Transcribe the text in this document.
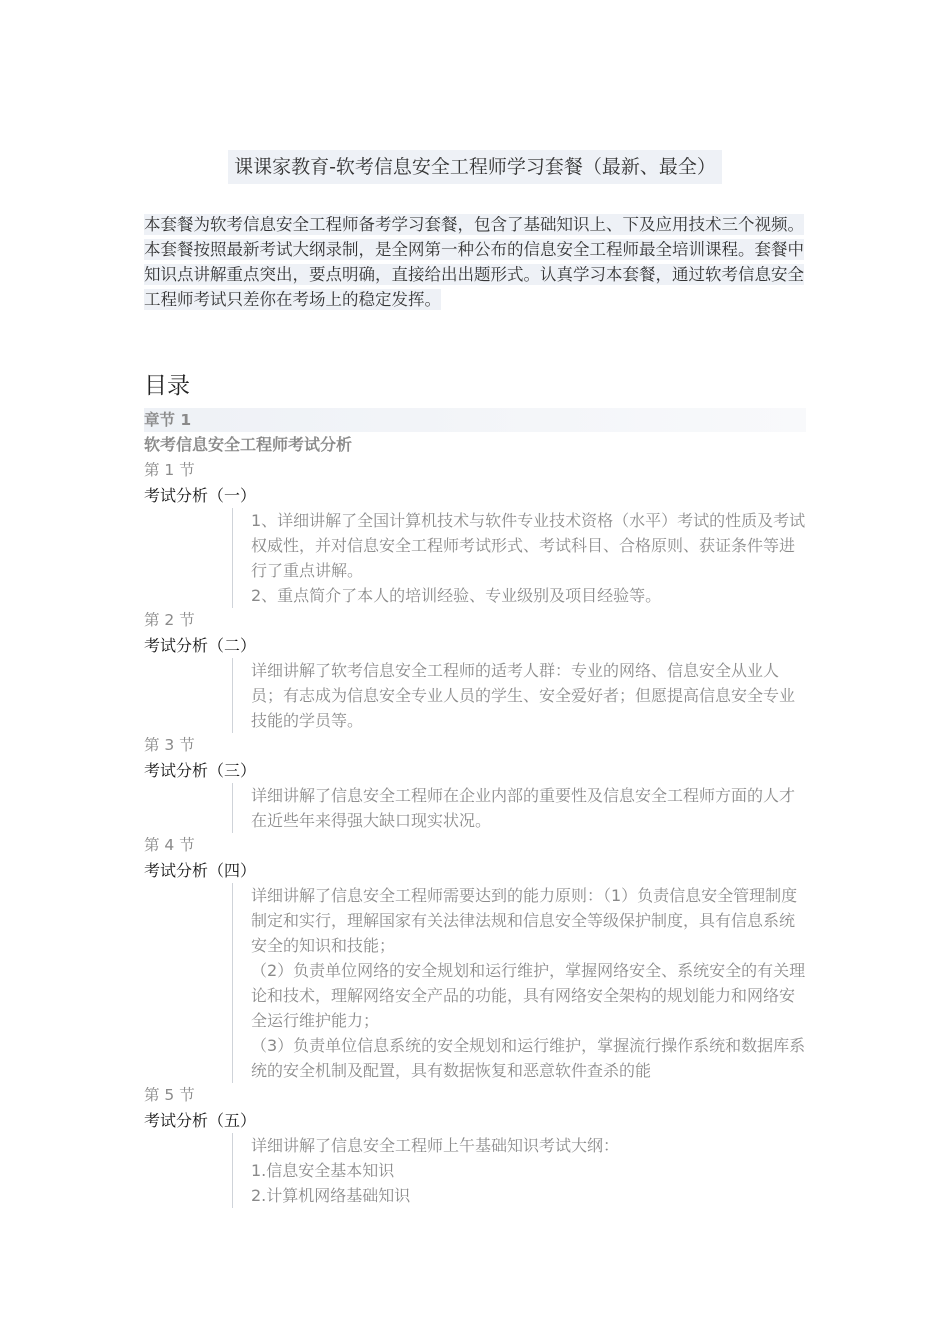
课课家教育-软考信息安全工程师学习套餐（最新、最全）
本套餐为软考信息安全工程师备考学习套餐，包含了基础知识上、下及应用技术三个视频。本套餐按照最新考试大纲录制，是全网第一种公布的信息安全工程师最全培训课程。套餐中知识点讲解重点突出，要点明确，直接给出出题形式。认真学习本套餐，通过软考信息安全工程师考试只差你在考场上的稳定发挥。
目录
章节 1
软考信息安全工程师考试分析
第 1 节
考试分析（一）

1、详细讲解了全国计算机技术与软件专业技术资格（水平）考试的性质及考试权威性，并对信息安全工程师考试形式、考试科目、合格原则、获证条件等进行了重点讲解。

2、重点简介了本人的培训经验、专业级别及项目经验等。

第 2 节
考试分析（二）

详细讲解了软考信息安全工程师的适考人群：专业的网络、信息安全从业人员；有志成为信息安全专业人员的学生、安全爱好者；但愿提高信息安全专业技能的学员等。

第 3 节
考试分析（三）

详细讲解了信息安全工程师在企业内部的重要性及信息安全工程师方面的人才在近些年来得强大缺口现实状况。

第 4 节
考试分析（四）

详细讲解了信息安全工程师需要达到的能力原则：（1）负责信息安全管理制度制定和实行，理解国家有关法律法规和信息安全等级保护制度，具有信息系统安全的知识和技能；

（2）负责单位网络的安全规划和运行维护，掌握网络安全、系统安全的有关理论和技术，理解网络安全产品的功能，具有网络安全架构的规划能力和网络安全运行维护能力；

（3）负责单位信息系统的安全规划和运行维护，掌握流行操作系统和数据库系统的安全机制及配置，具有数据恢复和恶意软件查杀的能

第 5 节
考试分析（五）

详细讲解了信息安全工程师上午基础知识考试大纲：

1.信息安全基本知识

2.计算机网络基础知识
